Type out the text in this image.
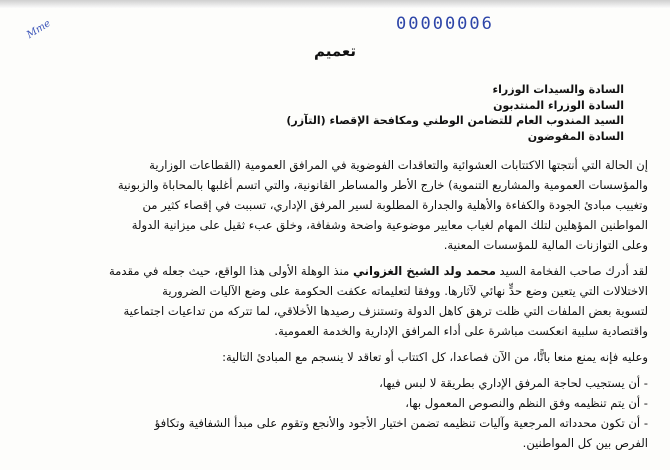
00000006
Mme
تعميم
السادة والسيدات الوزراء
السادة الوزراء المنتدبون
السيد المندوب العام للتضامن الوطني ومكافحة الإقصاء (التآزر)
السادة المفوضون
إن الحالة التي أنتجتها الاكتتابات العشوائية والتعاقدات الفوضوية في المرافق العمومية (القطاعات الوزارية
والمؤسسات العمومية والمشاريع التنموية) خارج الأطر والمساطر القانونية، والتي اتسم أغلبها بالمحاباة والزبونية
وتغييب مبادئ الجودة والكفاءة والأهلية والجدارة المطلوبة لسير المرفق الإداري، تسببت في إقصاء كثير من
المواطنين المؤهلين لتلك المهام لغياب معايير موضوعية واضحة وشفافة، وخلق عبء ثقيل على ميزانية الدولة
وعلى التوازنات المالية للمؤسسات المعنية.
لقد أدرك صاحب الفخامة السيد محمد ولد الشيخ الغزواني منذ الوهلة الأولى هذا الواقع، حيث جعله في مقدمة
الاختلالات التي يتعين وضع حدٍّ نهائي لآثارها. ووفقا لتعليماته عكفت الحكومة على وضع الآليات الضرورية
لتسوية بعض الملفات التي ظلت ترهق كاهل الدولة وتستنزف رصيدها الأخلاقي، لما تتركه من تداعيات اجتماعية
واقتصادية سلبية انعكست مباشرة على أداء المرافق الإدارية والخدمة العمومية.
وعليه فإنه يمنع منعا باتًّا، من الآن فصاعدا، كل اكتتاب أو تعاقد لا ينسجم مع المبادئ التالية:
- أن يستجيب لحاجة المرفق الإداري بطريقة لا لبس فيها،
- أن يتم تنظيمه وفق النظم والنصوص المعمول بها،
- أن تكون محدداته المرجعية وآليات تنظيمه تضمن اختيار الأجود والأنجع وتقوم على مبدأ الشفافية وتكافؤ
الفرص بين كل المواطنين.
